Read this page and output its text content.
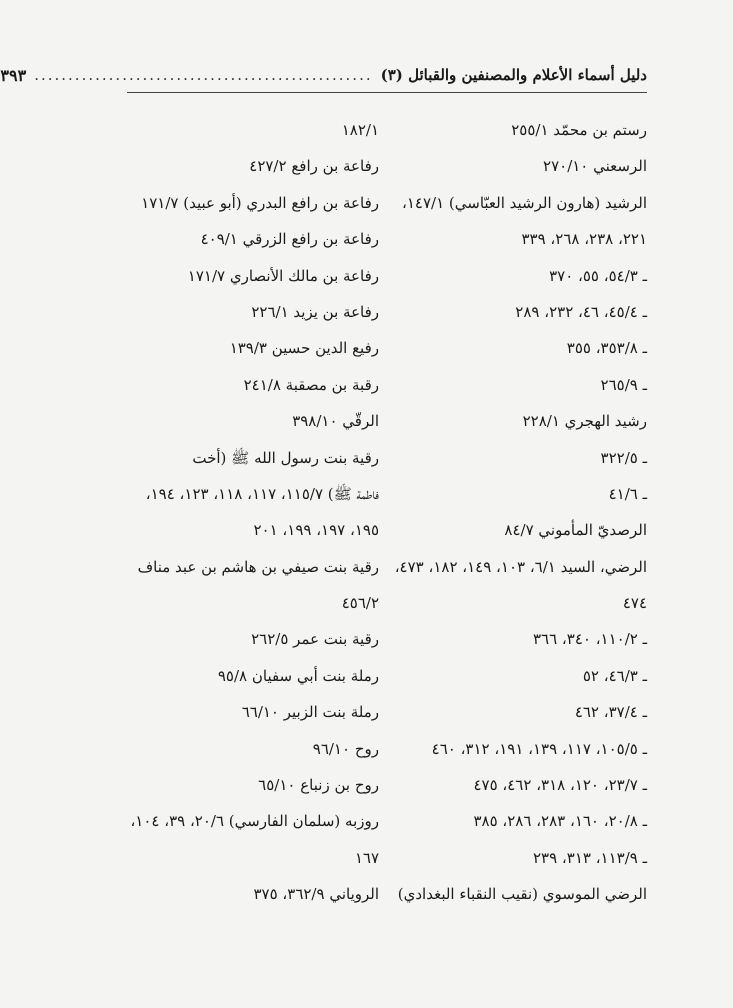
دليل أسماء الأعلام والمصنفين والقبائل (٣)
..................................................
٣٩٣
رستم بن محمّد ٢٥٥/١
الرسعني ٢٧٠/١٠
الرشيد (هارون الرشيد العبّاسي) ١٤٧/١،
٢٢١، ٢٣٨، ٢٦٨، ٣٣٩
ـ ٥٤/٣، ٥٥، ٣٧٠
ـ ٤٥/٤، ٤٦، ٢٣٢، ٢٨٩
ـ ٣٥٣/٨، ٣٥٥
ـ ٢٦٥/٩
رشيد الهجري ٢٢٨/١
ـ ٣٢٢/٥
ـ ٤١/٦
الرصديّ المأموني ٨٤/٧
الرضي، السيد ٦/١، ١٠٣، ١٤٩، ١٨٢، ٤٧٣،
٤٧٤
ـ ١١٠/٢، ٣٤٠، ٣٦٦
ـ ٤٦/٣، ٥٢
ـ ٣٧/٤، ٤٦٢
ـ ١٠٥/٥، ١١٧، ١٣٩، ١٩١، ٣١٢، ٤٦٠
ـ ٢٣/٧، ١٢٠، ٣١٨، ٤٦٢، ٤٧٥
ـ ٢٠/٨، ١٦٠، ٢٨٣، ٢٨٦، ٣٨٥
ـ ١١٣/٩، ٣١٣، ٢٣٩
الرضي الموسوي (نقيب النقباء البغدادي)
١٨٢/١
رفاعة بن رافع ٤٢٧/٢
رفاعة بن رافع البدري (أبو عبيد) ١٧١/٧
رفاعة بن رافع الزرقي ٤٠٩/١
رفاعة بن مالك الأنصاري ١٧١/٧
رفاعة بن يزيد ٢٢٦/١
رفيع الدين حسين ١٣٩/٣
رقبة بن مصقبة ٢٤١/٨
الرقّي ٣٩٨/١٠
رقية بنت رسول الله ﷺ (أخت
فاطمة ﷺ) ١١٥/٧، ١١٧، ١١٨، ١٢٣، ١٩٤،
١٩٥، ١٩٧، ١٩٩، ٢٠١
رقية بنت صيفي بن هاشم بن عبد مناف
٤٥٦/٢
رقية بنت عمر ٢٦٢/٥
رملة بنت أبي سفيان ٩٥/٨
رملة بنت الزبير ٦٦/١٠
روح ٩٦/١٠
روح بن زنباع ٦٥/١٠
روزبه (سلمان الفارسي) ٢٠/٦، ٣٩، ١٠٤،
١٦٧
الروياني ٣٦٢/٩، ٣٧٥
